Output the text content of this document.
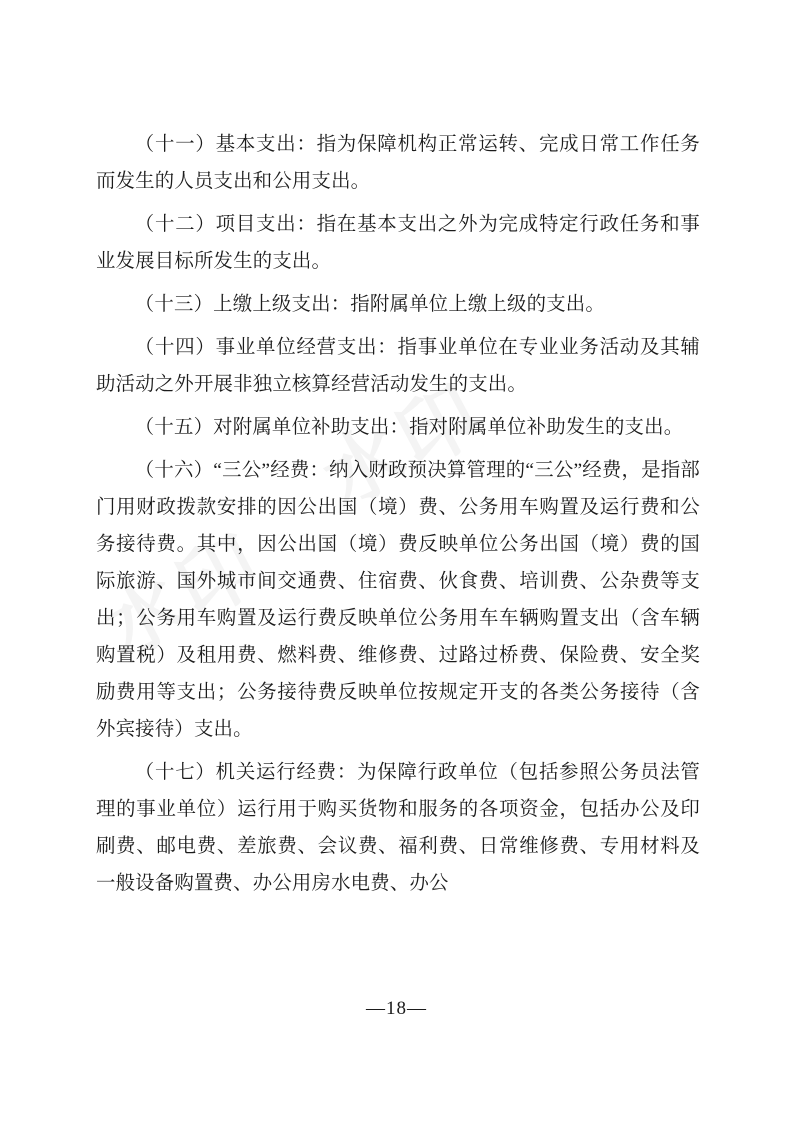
（十一）基本支出：指为保障机构正常运转、完成日常工作任务而发生的人员支出和公用支出。

（十二）项目支出：指在基本支出之外为完成特定行政任务和事业发展目标所发生的支出。

（十三）上缴上级支出：指附属单位上缴上级的支出。

（十四）事业单位经营支出：指事业单位在专业业务活动及其辅助活动之外开展非独立核算经营活动发生的支出。

（十五）对附属单位补助支出：指对附属单位补助发生的支出。

（十六）“三公”经费：纳入财政预决算管理的“三公”经费，是指部门用财政拨款安排的因公出国（境）费、公务用车购置及运行费和公务接待费。其中，因公出国（境）费反映单位公务出国（境）费的国际旅游、国外城市间交通费、住宿费、伙食费、培训费、公杂费等支出；公务用车购置及运行费反映单位公务用车车辆购置支出（含车辆购置税）及租用费、燃料费、维修费、过路过桥费、保险费、安全奖励费用等支出；公务接待费反映单位按规定开支的各类公务接待（含外宾接待）支出。

（十七）机关运行经费：为保障行政单位（包括参照公务员法管理的事业单位）运行用于购买货物和服务的各项资金，包括办公及印刷费、邮电费、差旅费、会议费、福利费、日常维修费、专用材料及一般设备购置费、办公用房水电费、办公

—18—
